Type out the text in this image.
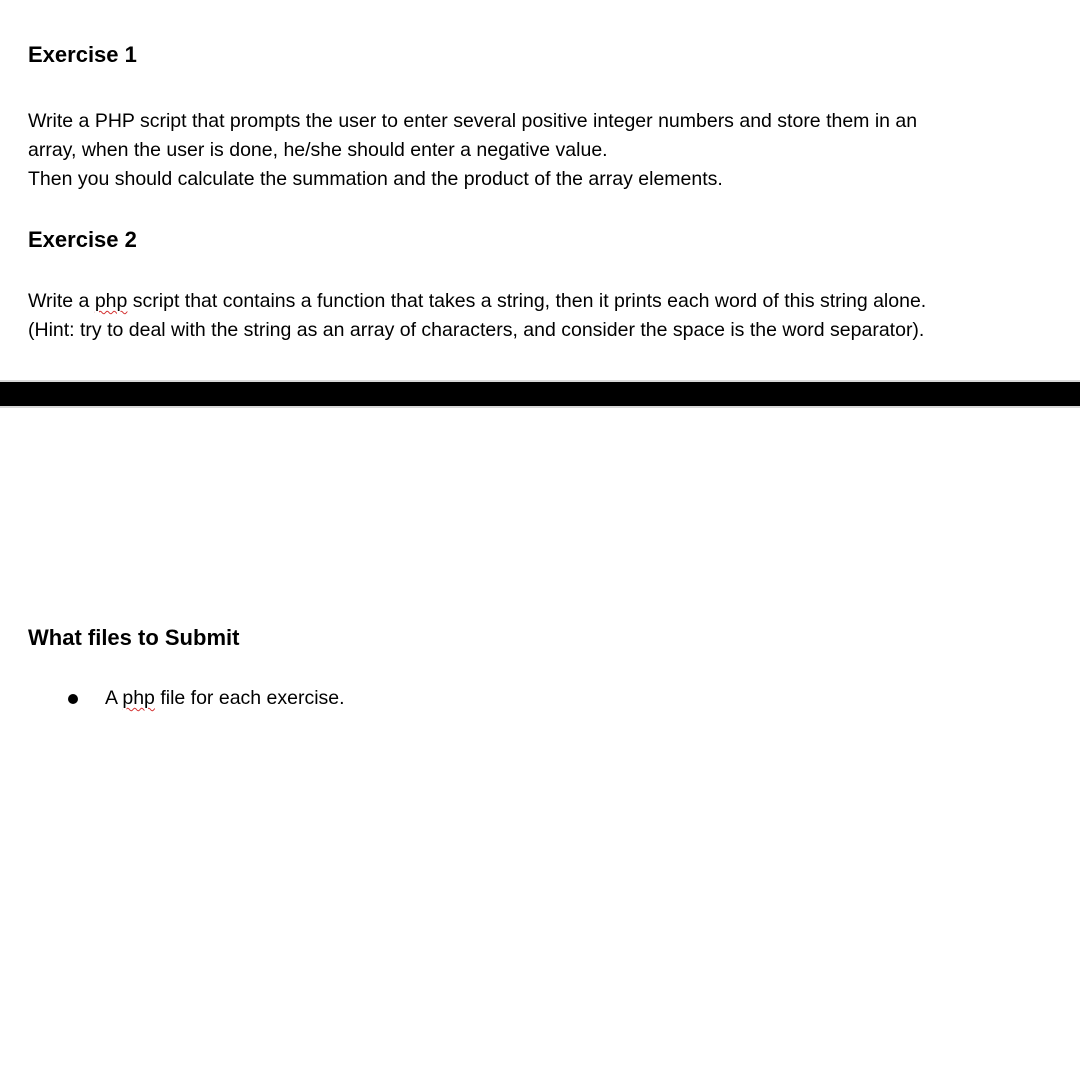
Exercise 1

Write a PHP script that prompts the user to enter several positive integer numbers and store them in an
array, when the user is done, he/she should enter a negative value.
Then you should calculate the summation and the product of the array elements.

Exercise 2

Write a php script that contains a function that takes a string, then it prints each word of this string alone.
(Hint: try to deal with the string as an array of characters, and consider the space is the word separator).

What files to Submit
A php file for each exercise.
